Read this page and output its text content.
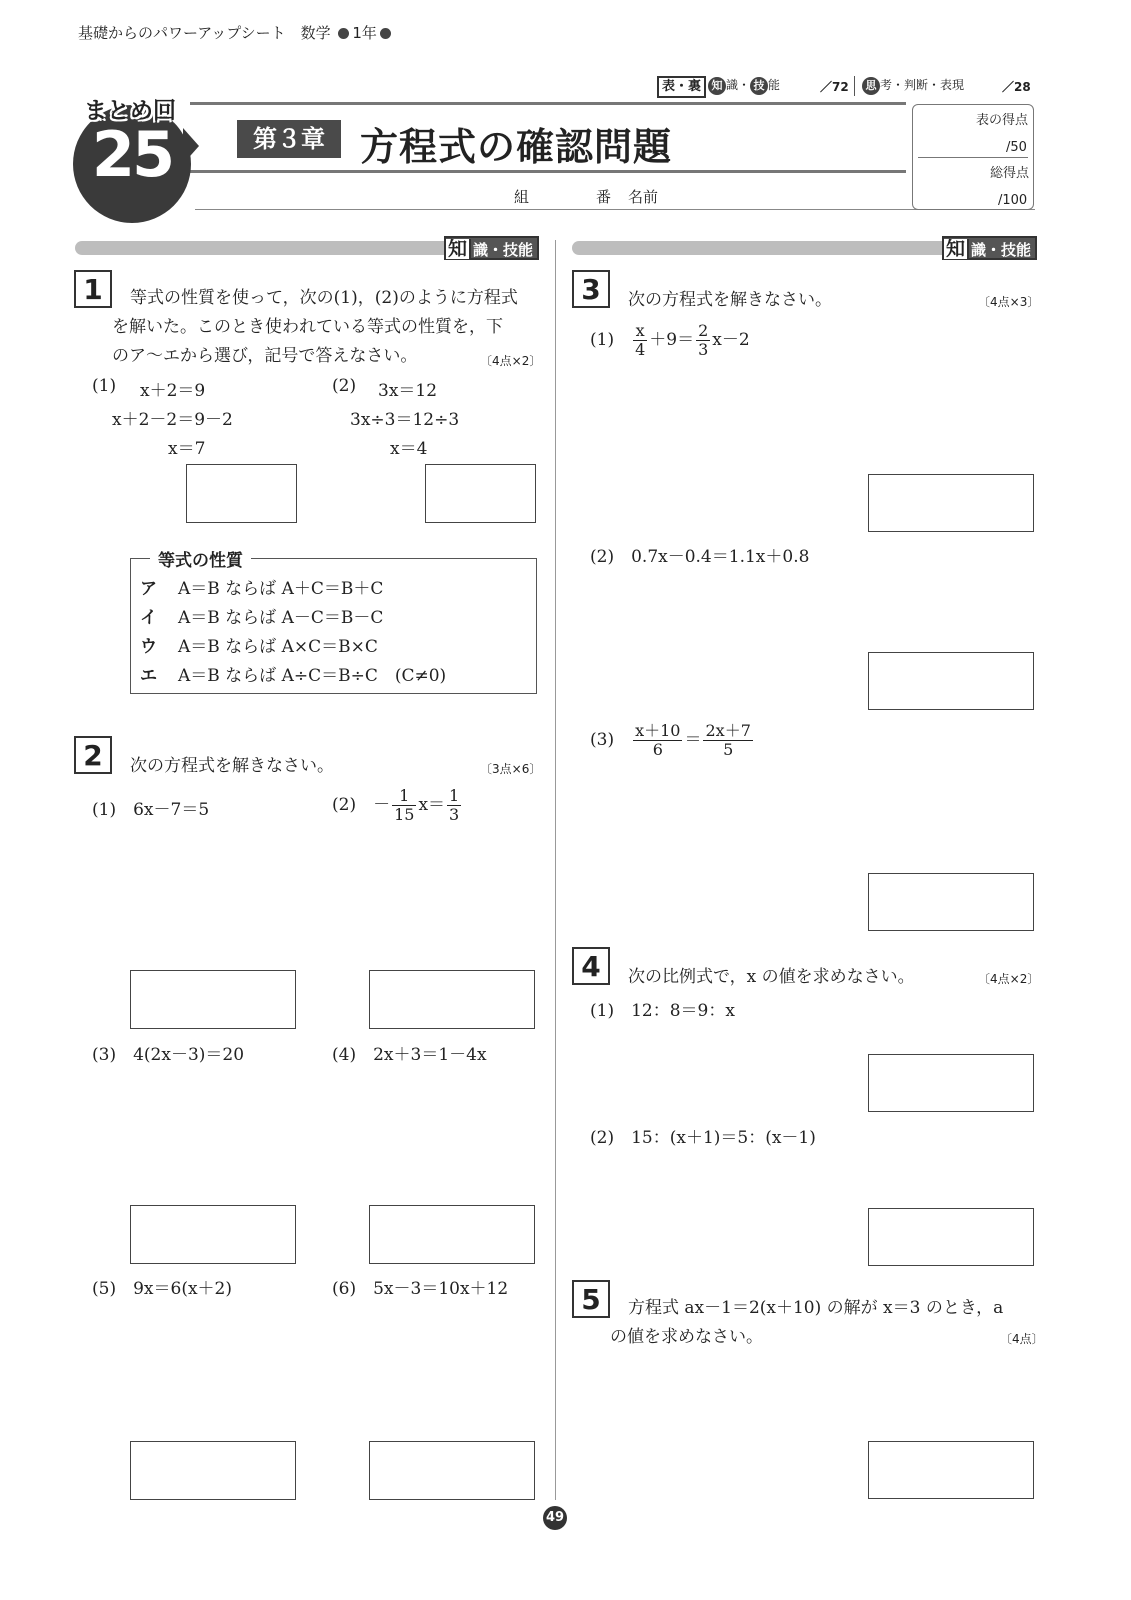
基礎からのパワーアップシート　数学 1年
表・裏 知 識・ 技 能	／72	思 考・判断・表現	／28
まとめ回
25	第３章 方程式の確認問題
組	番 名前
表の得点
/50
総得点
/100
知 識・技能	知 識・技能
1	等式の性質を使って，次の(1)，(2)のように方程式
を解いた。このとき使われている等式の性質を，下
のア～エから選び，記号で答えなさい。	〔4点×2〕
(1) x＋2＝9
x＋2－2＝9－2
x＝7
(2) 3x＝12
3x÷3＝12÷3
x＝4
等式の性質
ア A＝B ならば A＋C＝B＋C
イ A＝B ならば A－C＝B－C
ウ A＝B ならば A×C＝B×C
エ A＝B ならば A÷C＝B÷C　(C≠0)
2	次の方程式を解きなさい。	〔3点×6〕
(1)　 6x－7＝5	(2)　 － $\frac{1}{15} x= \frac{1}{3}$
(3)　 4(2x－3)＝20	(4)　 2x＋3＝1－4x
(5)　 9x＝6(x＋2)	(6)　 5x－3＝10x＋12
3	次の方程式を解きなさい。	〔4点×3〕
(1)　 $\frac{x}{4} +9= \frac{2}{3} x-2$
(2)　 0.7x－0.4＝1.1x＋0.8
(3)　 $\frac{x+10}{6} = \frac{2x+7}{5}$
4	次の比例式で，x の値を求めなさい。	〔4点×2〕
(1)　 12：8＝9：x
(2)　 15：(x＋1)＝5：(x－1)
5	方程式 ax－1＝2(x＋10) の解が x＝3 のとき，a
の値を求めなさい。	〔4点〕
49
